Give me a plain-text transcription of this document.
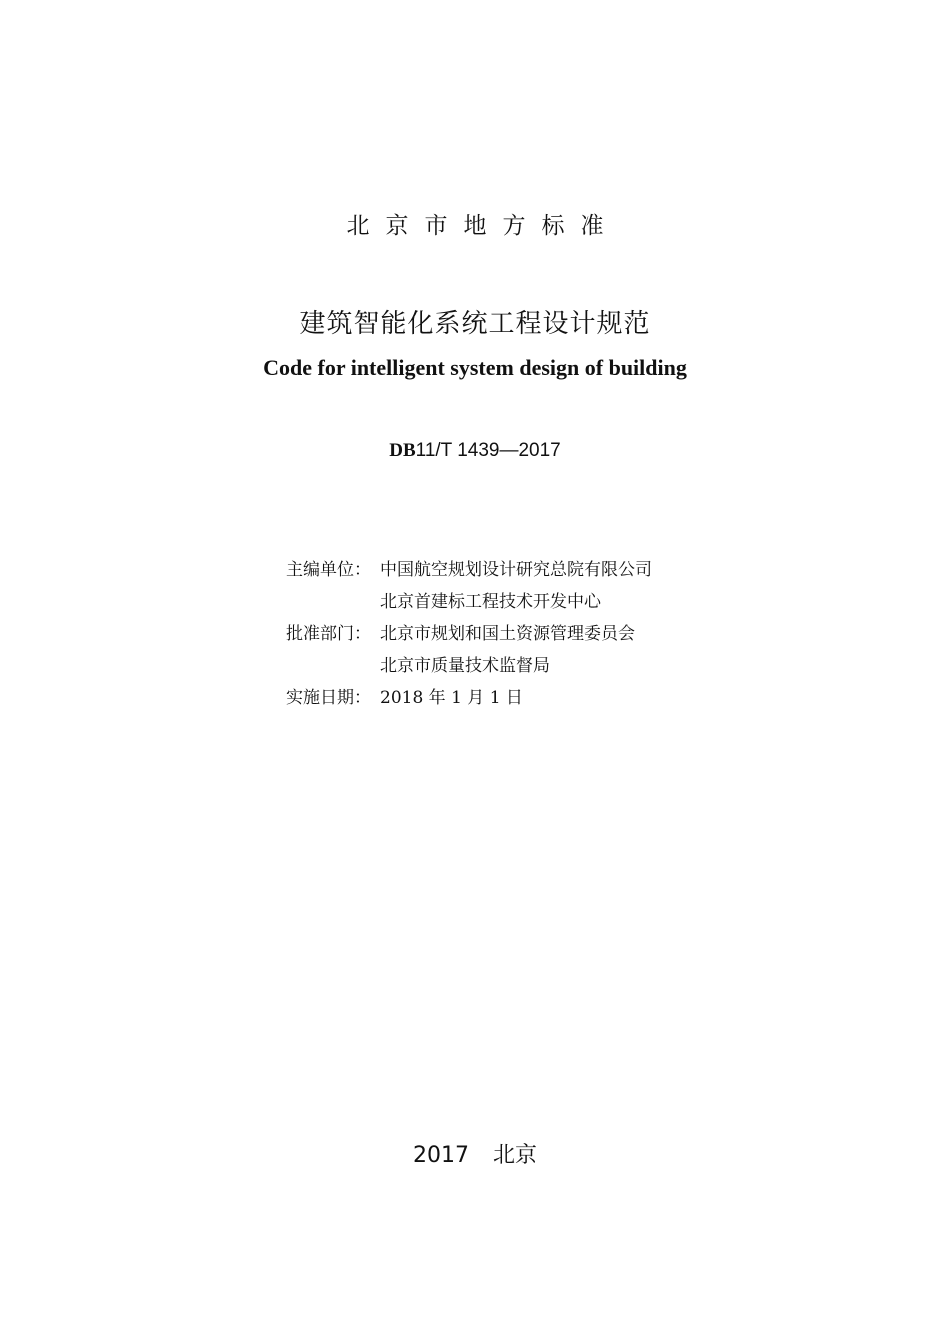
北京市地方标准
建筑智能化系统工程设计规范
Code for intelligent system design of building
DB11/T 1439—2017
主编单位： 中国航空规划设计研究总院有限公司
北京首建标工程技术开发中心
批准部门： 北京市规划和国土资源管理委员会
北京市质量技术监督局
实施日期： 2018 年 1 月 1 日
2017 北京
